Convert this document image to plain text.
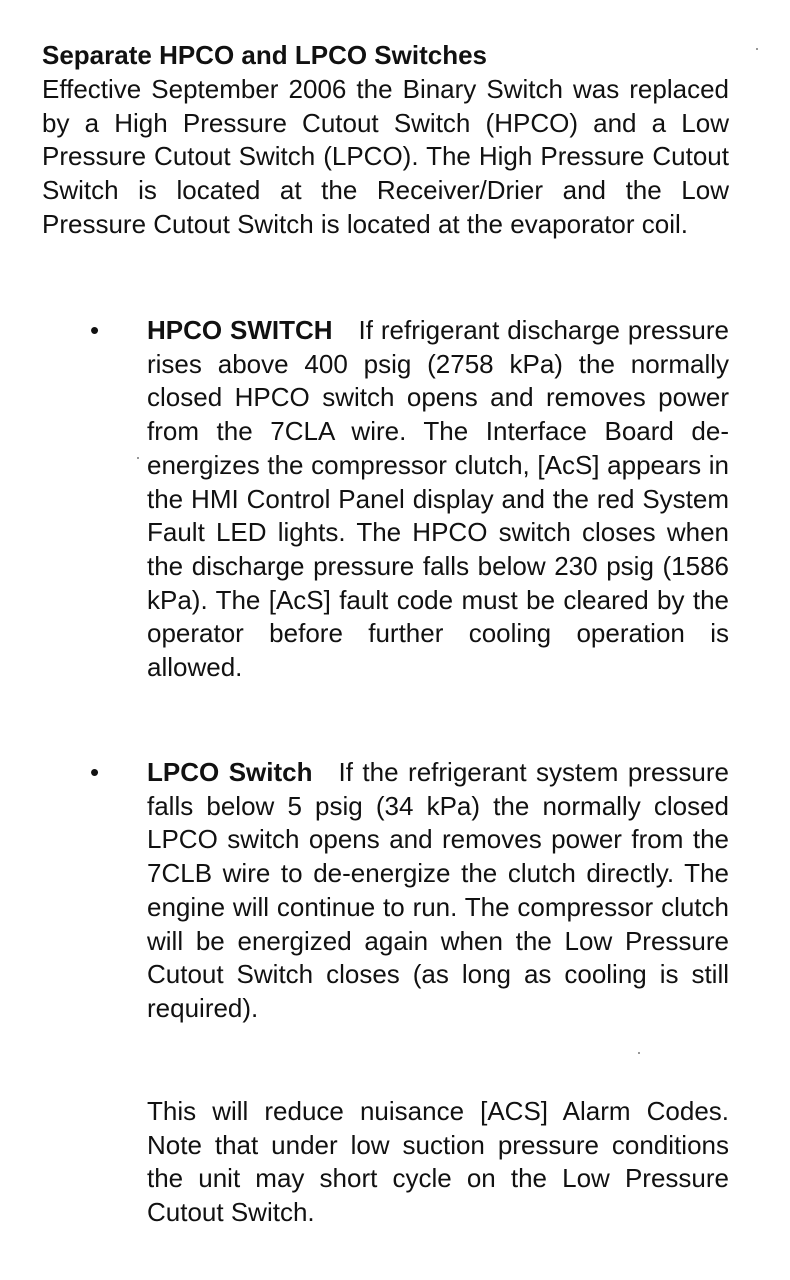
Separate HPCO and LPCO Switches

Effective September 2006 the Binary Switch was replaced by a High Pressure Cutout Switch (HPCO) and a Low Pressure Cutout Switch (LPCO). The High Pressure Cutout Switch is located at the Receiver/Drier and the Low Pressure Cutout Switch is located at the evaporator coil.

• HPCO SWITCH If refrigerant discharge pressure rises above 400 psig (2758 kPa) the normally closed HPCO switch opens and removes power from the 7CLA wire. The Interface Board de-energizes the compressor clutch, [AcS] appears in the HMI Control Panel display and the red System Fault LED lights. The HPCO switch closes when the discharge pressure falls below 230 psig (1586 kPa). The [AcS] fault code must be cleared by the operator before further cooling operation is allowed.

• LPCO Switch If the refrigerant system pressure falls below 5 psig (34 kPa) the normally closed LPCO switch opens and removes power from the 7CLB wire to de-energize the clutch directly. The engine will continue to run. The compressor clutch will be energized again when the Low Pressure Cutout Switch closes (as long as cooling is still required).

This will reduce nuisance [ACS] Alarm Codes. Note that under low suction pressure conditions the unit may short cycle on the Low Pressure Cutout Switch.
